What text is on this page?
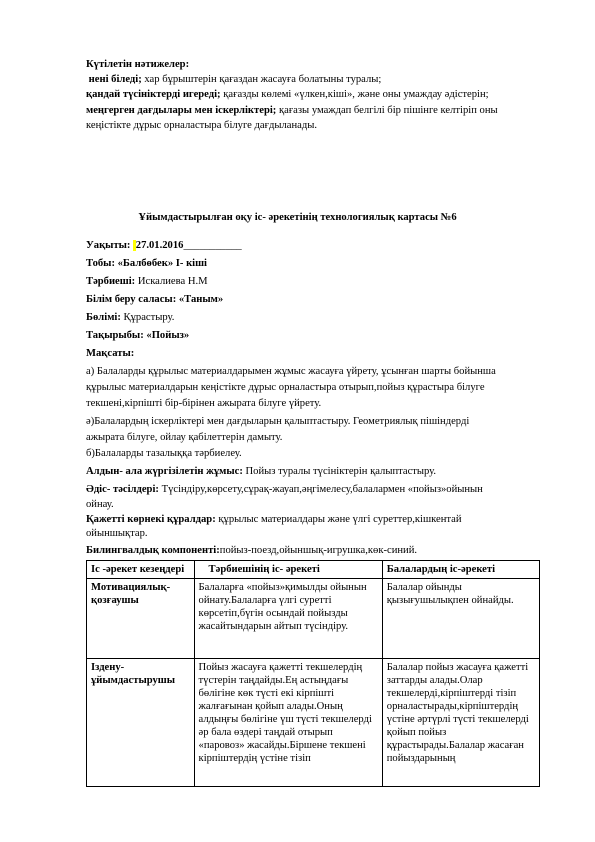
Күтілетін нәтижелер:
нені біледі; хар бұрыштерін қағаздан жасауға болатыны туралы;
қандай түсініктерді игереді; қағазды көлемі «үлкен,кіші», және оны умаждау әдістерін;
меңгерген дағдылары мен іскерліктері; қағазы умаждап белгілі бір пішінге келтіріп оны
кеңістікте дұрыс орналастыра білуге дағдыланады.
Ұйымдастырылған оқу іс- әрекетінің технологиялық картасы №6
Уақыты: 27.01.2016___________
Тобы: «Балбөбек» I- кіші
Тәрбиеші: Искалиева Н.М
Білім беру саласы: «Таным»
Бөлімі: Құрастыру.
Тақырыбы: «Пойыз»
Мақсаты:
а) Балаларды құрылыс материалдарымен жұмыс жасауға үйрету, ұсынған шарты бойынша
құрылыс материалдарын кеңістікте дұрыс орналастыра отырып,пойыз құрастыра білуге
текшені,кірпішті бір-бірінен ажырата білуге үйрету.
ә)Балалардың іскерліктері мен дағдыларын қалыптастыру. Геометриялық пішіндерді
ажырата білуге, ойлау қабілеттерін дамыту.
б)Балаларды тазалыққа тәрбиелеу.
Алдын- ала жүргізілетін жұмыс: Пойыз туралы түсініктерін қалыптастыру.
Әдіс- тәсілдері: Түсіндіру,көрсету,сұрақ-жауап,әңгімелесу,балалармен «пойыз»ойынын
ойнау.
Іс -әрекет кезеңдері	Тәрбиешінің іс- әрекеті	Балалардың іс-әрекеті
Мотивациялық-қозғаушы	Балаларға «пойыз»қимылды ойынын ойнату.Балаларға үлгі суретті көрсетіп,бүгін осындай пойызды жасайтындарын айтып түсіндіру.	Балалар ойынды қызығушылықпен ойнайды.
Іздену-ұйымдастырушы	Пойыз жасауға қажетті текшелердің түстерін таңдайды.Ең астыңдағы бөлігіне көк түсті екі кірпішті жалғағынан қойып алады.Оның алдыңғы бөлігіне үш түсті текшелерді әр бала өздері таңдай отырып «паровоз» жасайды.Біршене текшені кірпіштердің үстіне тізіп	Балалар пойыз жасауға қажетті заттарды алады.Олар текшелерді,кірпіштерді тізіп орналастырады,кірпіштердің үстіне әртүрлі түсті текшелерді қойып пойыз құрастырады.Балалар жасаған пойыздарының
Қажетті көрнекі құралдар: құрылыс материалдары және үлгі суреттер,кішкентай
ойыншықтар.
Билингвалдық компоненті:пойыз-поезд,ойыншық-игрушка,көк-синий.
